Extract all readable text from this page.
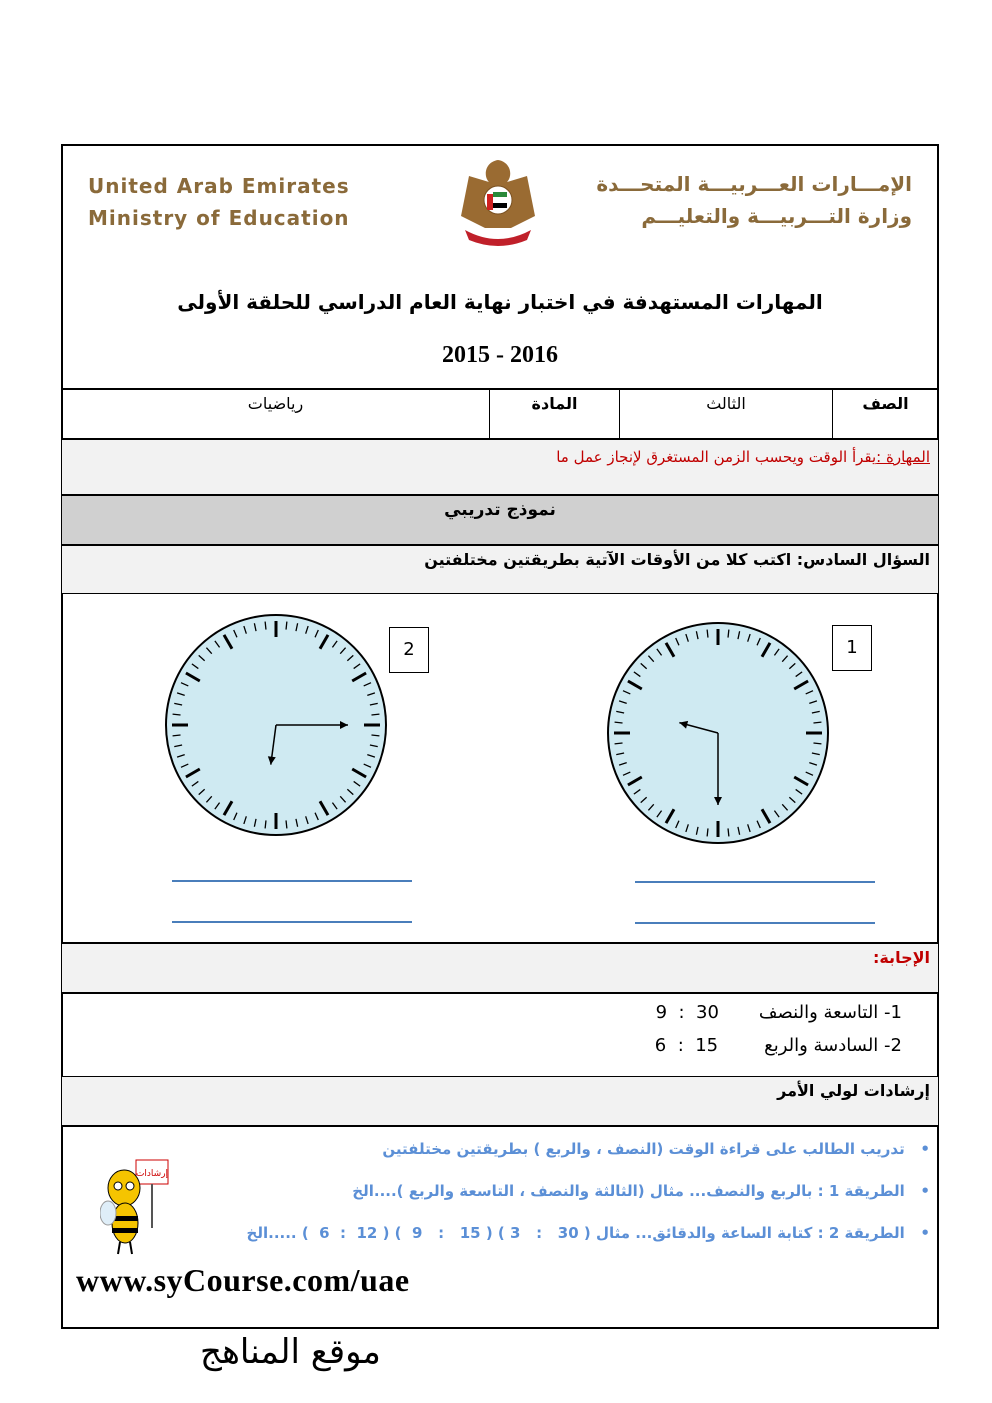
United Arab Emirates
Ministry of Education
الإمـــارات العـــربيـــة المتحـــدة
وزارة التـــربيـــة والتعليـــم
المهارات المستهدفة في اختبار نهاية العام الدراسي للحلقة الأولى
2015 - 2016
الصف
الثالث
المادة
رياضيات
المهارة :يقرأ الوقت ويحسب الزمن المستغرق لإنجاز عمل ما
نموذج تدريبي
السؤال السادس: اكتب كلا من الأوقات الآتية بطريقتين مختلفتين
1
2
الإجابة:
1- التاسعة والنصف9  :  30
2- السادسة والربع6  :  15
إرشادات لولي الأمر
•   تدريب الطالب على قراءة الوقت (النصف ، والربع ) بطريقتين مختلفتين
•   الطريقة 1 : بالربع والنصف... مثال (الثالثة والنصف ، التاسعة والربع )....الخ
•   الطريقة 2 : كتابة الساعة والدقائق... مثال ( 30   :   3 ) ( 15   :   9  ) ( 12  :  6  ) .....الخ
إرشادات
www.syCourse.com/uae
موقع المناهج
